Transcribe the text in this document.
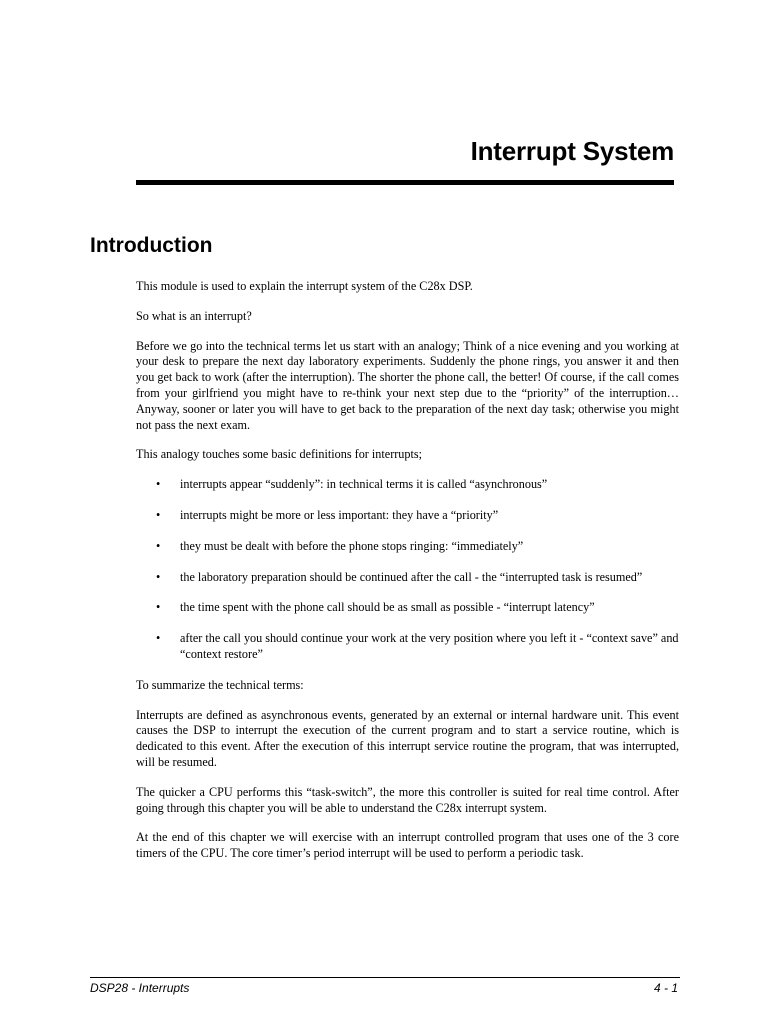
Interrupt System
Introduction

This module is used to explain the interrupt system of the C28x DSP.

So what is an interrupt?

Before we go into the technical terms let us start with an analogy; Think of a nice evening and you working at your desk to prepare the next day laboratory experiments. Suddenly the phone rings, you answer it and then you get back to work (after the interruption). The shorter the phone call, the better! Of course, if the call comes from your girlfriend you might have to re-think your next step due to the “priority” of the interruption… Anyway, sooner or later you will have to get back to the preparation of the next day task; otherwise you might not pass the next exam.

This analogy touches some basic definitions for interrupts;

• interrupts appear “suddenly”: in technical terms it is called “asynchronous”
• interrupts might be more or less important: they have a “priority”
• they must be dealt with before the phone stops ringing: “immediately”
• the laboratory preparation should be continued after the call - the “interrupted task is resumed”
• the time spent with the phone call should be as small as possible - “interrupt latency”
• after the call you should continue your work at the very position where you left it - “context save” and “context restore”

To summarize the technical terms:

Interrupts are defined as asynchronous events, generated by an external or internal hardware unit. This event causes the DSP to interrupt the execution of the current program and to start a service routine, which is dedicated to this event. After the execution of this interrupt service routine the program, that was interrupted, will be resumed.

The quicker a CPU performs this “task-switch”, the more this controller is suited for real time control. After going through this chapter you will be able to understand the C28x interrupt system.

At the end of this chapter we will exercise with an interrupt controlled program that uses one of the 3 core timers of the CPU. The core timer’s period interrupt will be used to perform a periodic task.

DSP28 - Interrupts	4 - 1
